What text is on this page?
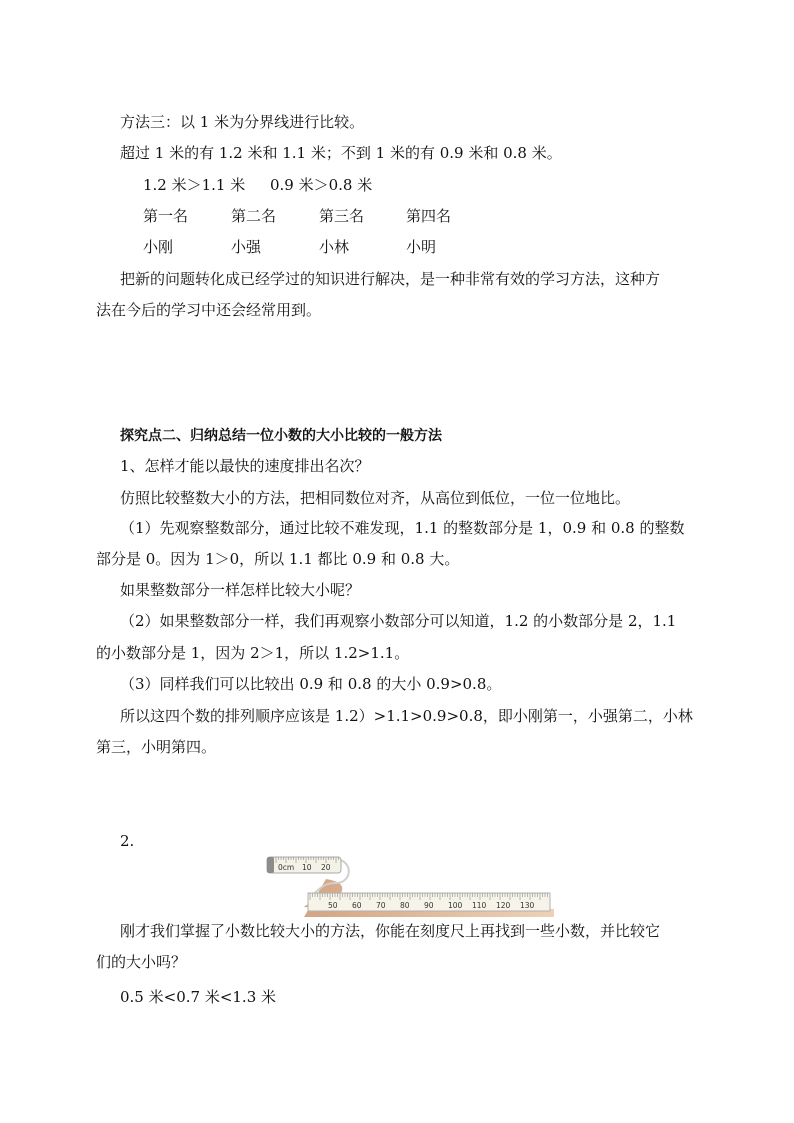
方法三：以 1 米为分界线进行比较。
超过 1 米的有 1.2 米和 1.1 米；不到 1 米的有 0.9 米和 0.8 米。
1.2 米＞1.1 米 0.9 米＞0.8 米
第一名	第二名	第三名	第四名
小刚	小强	小林	小明
把新的问题转化成已经学过的知识进行解决，是一种非常有效的学习方法，这种方
法在今后的学习中还会经常用到。
探究点二、归纳总结一位小数的大小比较的一般方法
1、怎样才能以最快的速度排出名次？
仿照比较整数大小的方法，把相同数位对齐，从高位到低位，一位一位地比。
（1）先观察整数部分，通过比较不难发现，1.1 的整数部分是 1，0.9 和 0.8 的整数
部分是 0。因为 1＞0，所以 1.1 都比 0.9 和 0.8 大。
如果整数部分一样怎样比较大小呢？
（2）如果整数部分一样，我们再观察小数部分可以知道，1.2 的小数部分是 2，1.1
的小数部分是 1，因为 2＞1，所以 1.2>1.1。
（3）同样我们可以比较出 0.9 和 0.8 的大小 0.9>0.8。
所以这四个数的排列顺序应该是 1.2）>1.1>0.9>0.8，即小刚第一，小强第二，小林
第三，小明第四。
2.
0cm 10 20
50 60 70 80 90 100 110 120 130
刚才我们掌握了小数比较大小的方法，你能在刻度尺上再找到一些小数，并比较它
们的大小吗？
0.5 米<0.7 米<1.3 米
